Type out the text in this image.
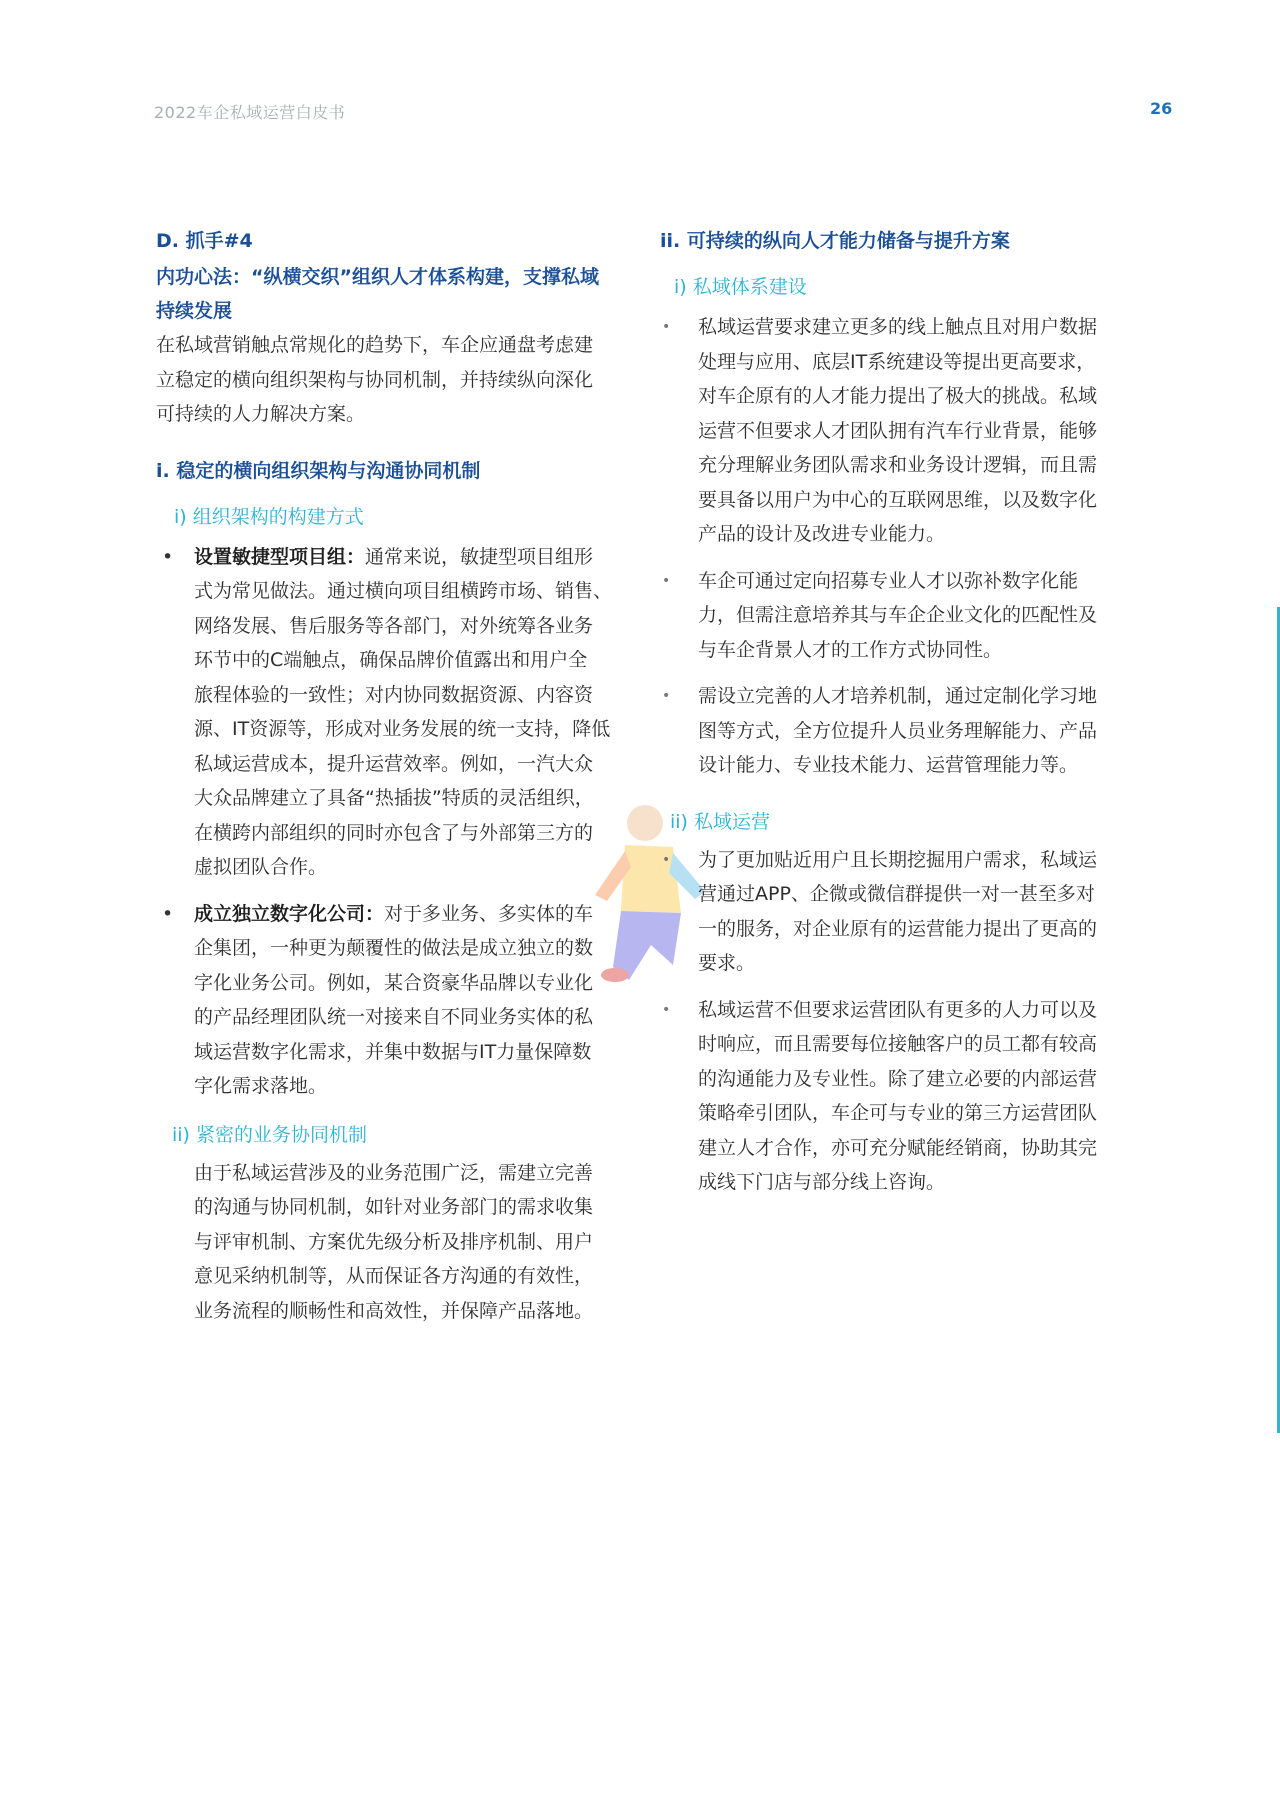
2022车企私域运营白皮书	26
D. 抓手#4
内功心法：“纵横交织”组织人才体系构建，支撑私域
持续发展
在私域营销触点常规化的趋势下，车企应通盘考虑建
立稳定的横向组织架构与协同机制，并持续纵向深化
可持续的人力解决方案。
i. 稳定的横向组织架构与沟通协同机制
i) 组织架构的构建方式
• 设置敏捷型项目组：通常来说，敏捷型项目组形
式为常见做法。通过横向项目组横跨市场、销售、
网络发展、售后服务等各部门，对外统筹各业务
环节中的C端触点，确保品牌价值露出和用户全
旅程体验的一致性；对内协同数据资源、内容资
源、IT资源等，形成对业务发展的统一支持，降低
私域运营成本，提升运营效率。例如，一汽大众
大众品牌建立了具备“热插拔”特质的灵活组织，
在横跨内部组织的同时亦包含了与外部第三方的
虚拟团队合作。
• 成立独立数字化公司：对于多业务、多实体的车
企集团，一种更为颠覆性的做法是成立独立的数
字化业务公司。例如，某合资豪华品牌以专业化
的产品经理团队统一对接来自不同业务实体的私
域运营数字化需求，并集中数据与IT力量保障数
字化需求落地。
ii) 紧密的业务协同机制
由于私域运营涉及的业务范围广泛，需建立完善
的沟通与协同机制，如针对业务部门的需求收集
与评审机制、方案优先级分析及排序机制、用户
意见采纳机制等，从而保证各方沟通的有效性，
业务流程的顺畅性和高效性，并保障产品落地。
ii. 可持续的纵向人才能力储备与提升方案
i) 私域体系建设
• 私域运营要求建立更多的线上触点且对用户数据
处理与应用、底层IT系统建设等提出更高要求，
对车企原有的人才能力提出了极大的挑战。私域
运营不但要求人才团队拥有汽车行业背景，能够
充分理解业务团队需求和业务设计逻辑，而且需
要具备以用户为中心的互联网思维，以及数字化
产品的设计及改进专业能力。
• 车企可通过定向招募专业人才以弥补数字化能
力，但需注意培养其与车企企业文化的匹配性及
与车企背景人才的工作方式协同性。
• 需设立完善的人才培养机制，通过定制化学习地
图等方式，全方位提升人员业务理解能力、产品
设计能力、专业技术能力、运营管理能力等。
ii) 私域运营
• 为了更加贴近用户且长期挖掘用户需求，私域运
营通过APP、企微或微信群提供一对一甚至多对
一的服务，对企业原有的运营能力提出了更高的
要求。
• 私域运营不但要求运营团队有更多的人力可以及
时响应，而且需要每位接触客户的员工都有较高
的沟通能力及专业性。除了建立必要的内部运营
策略牵引团队，车企可与专业的第三方运营团队
建立人才合作，亦可充分赋能经销商，协助其完
成线下门店与部分线上咨询。
